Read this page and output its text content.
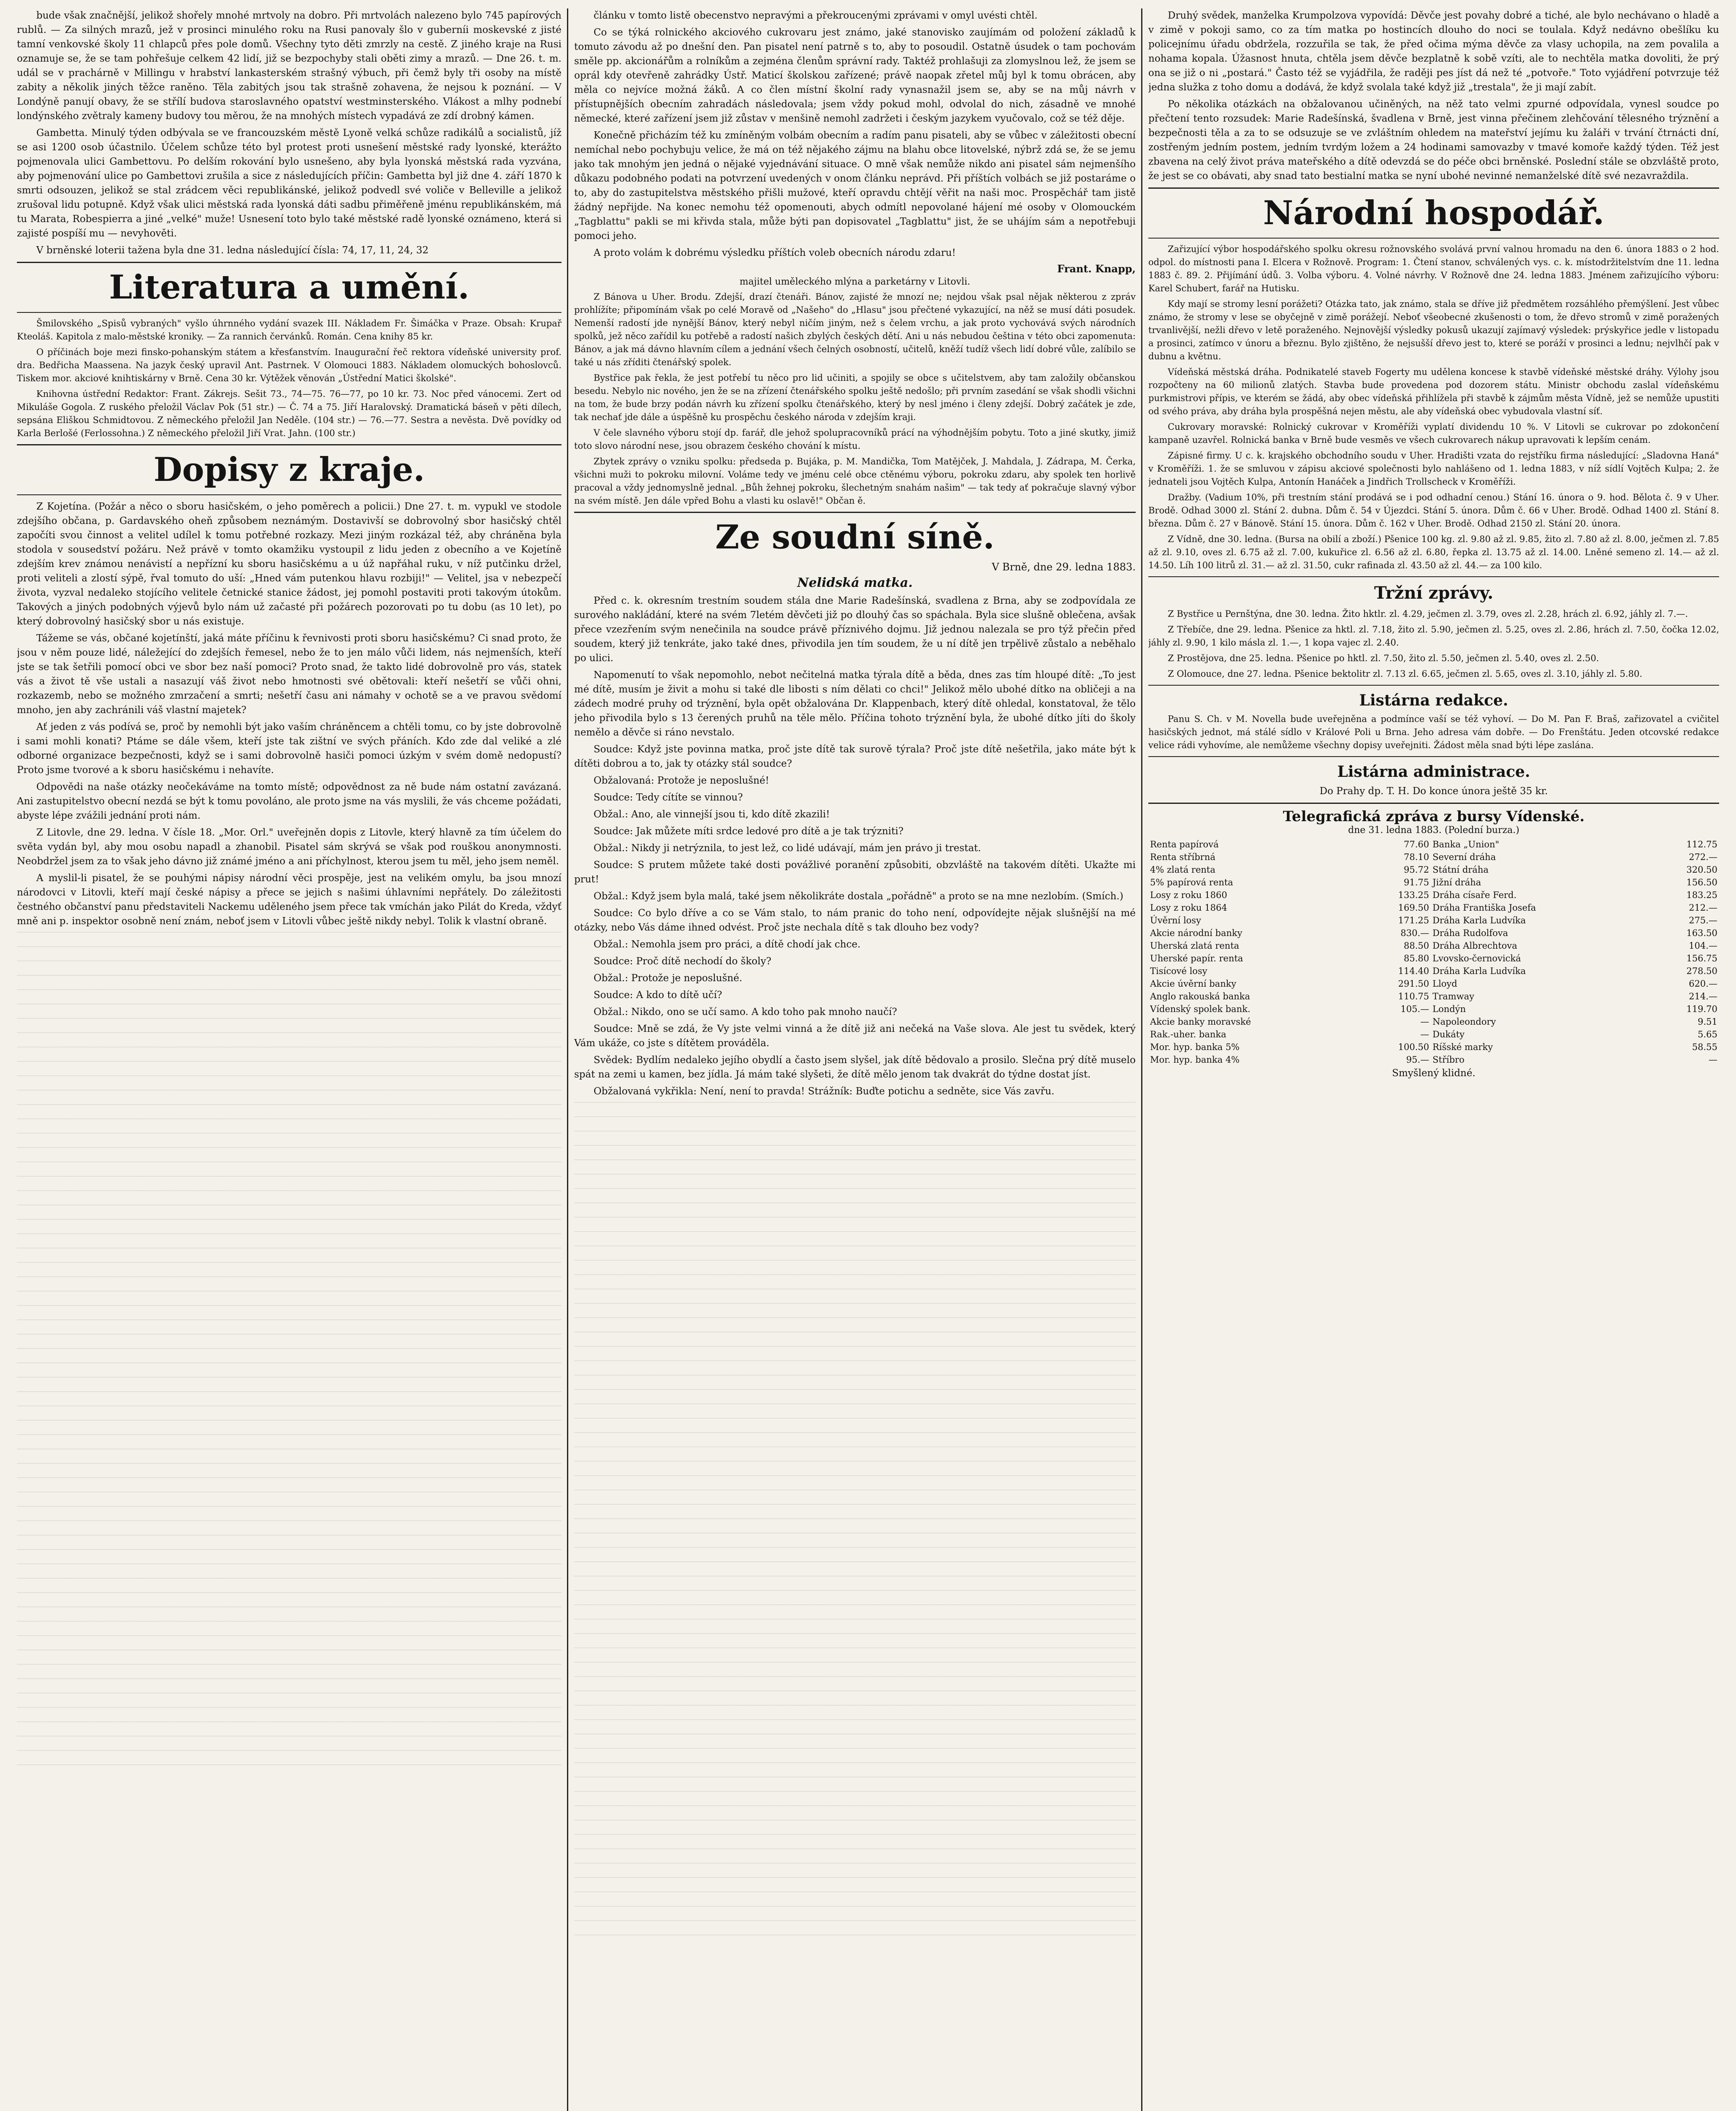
bude však značnější, jelikož shořely mnohé mrtvoly na dobro. Při mrtvolách nalezeno bylo 745 papírových rublů. — Za silných mrazů, jež v prosinci minulého roku na Rusi panovaly šlo v guberníi moskevské z jisté tamní venkovské školy 11 chlapců přes pole domů. Všechny tyto děti zmrzly na cestě. Z jiného kraje na Rusi oznamuje se, že se tam pohřešuje celkem 42 lidí, již se bezpochyby stali oběti zimy a mrazů. — Dne 26. t. m. udál se v prachárně v Millingu v hrabství lankasterském strašný výbuch, při čemž byly tři osoby na místě zabity a několik jiných těžce raněno. Těla zabitých jsou tak strašně zohavena, že nejsou k poznání. — V Londýně panují obavy, že se střílí budova staroslavného opatství westminsterského. Vlákost a mlhy podnebí londýnského zvětraly kameny budovy tou měrou, že na mnohých místech vypadává ze zdí drobný kámen.

Gambetta. Minulý týden odbývala se ve francouzském městě Lyoně velká schůze radikálů a socialistů, jíž se asi 1200 osob účastnilo. Účelem schůze této byl protest proti usnešení městské rady lyonské, kterážto pojmenovala ulici Gambettovu. Po delším rokování bylo usnešeno, aby byla lyonská městská rada vyzvána, aby pojmenování ulice po Gambettovi zrušila a sice z následujících příčin: Gambetta byl již dne 4. září 1870 k smrti odsouzen, jelikož se stal zrádcem věci republikánské, jelikož podvedl své voliče v Belleville a jelikož zrušoval lidu potupně. Když však ulici městská rada lyonská dáti sadbu přiměřeně jménu republikánském, má tu Marata, Robespierra a jiné „velké" muže! Usnesení toto bylo také městské radě lyonské oznámeno, která si zajisté pospíší mu — nevyhověti.

V brněnské loterii tažena byla dne 31. ledna následující čísla: 74, 17, 11, 24, 32

Literatura a umění.

Šmilovského „Spisů vybraných" vyšlo úhrnného vydání svazek III. Nákladem Fr. Šimáčka v Praze. Obsah: Krupař Kteoláš. Kapitola z malo-městské kroniky. — Za rannich červánků. Román. Cena knihy 85 kr.

O příčinách boje mezi finsko-pohanským státem a křesťanstvím. Inaugurační řeč rektora vídeňské university prof. dra. Bedřicha Maassena. Na jazyk český upravil Ant. Pastrnek. V Olomouci 1883. Nákladem olomuckých bohoslovců. Tiskem mor. akciové knihtiskárny v Brně. Cena 30 kr. Výtěžek věnován „Ústřední Matici školské".

Knihovna ústřední Redaktor: Frant. Zákrejs. Sešit 73., 74—75. 76—77, po 10 kr. 73. Noc před vánocemi. Zert od Mikuláše Gogola. Z ruského přeložil Václav Pok (51 str.) — Č. 74 a 75. Jiří Haralovský. Dramatická báseň v pěti dílech, sepsána Eliškou Schmidtovou. Z německého přeložil Jan Neděle. (104 str.) — 76.—77. Sestra a nevěsta. Dvě povídky od Karla Berlošé (Ferlossohna.) Z německého přeložil Jiří Vrat. Jahn. (100 str.)

Dopisy z kraje.

Z Kojetína. (Požár a něco o sboru hasičském, o jeho poměrech a policii.) Dne 27. t. m. vypukl ve stodole zdejšího občana, p. Gardavského oheň způsobem neznámým. Dostavivší se dobrovolný sbor hasičský chtěl započíti svou činnost a velitel udílel k tomu potřebné rozkazy. Mezi jiným rozkázal též, aby chráněna byla stodola v sousedství požáru. Než právě v tomto okamžiku vystoupil z lidu jeden z obecního a ve Kojetíně zdejším krev známou nenávistí a nepřízní ku sboru hasičskému a u úž napřáhal ruku, v níž putčinku držel, proti veliteli a zlostí sýpě, řval tomuto do uší: „Hned vám putenkou hlavu rozbiji!" — Velitel, jsa v nebezpečí života, vyzval nedaleko stojícího velitele četnické stanice žádost, jej pomohl postaviti proti takovým útokům. Takových a jiných podobných výjevů bylo nám už začasté při požárech pozorovati po tu dobu (as 10 let), po který dobrovolný hasičský sbor u nás existuje.

Tážeme se vás, občané kojetínští, jaká máte příčinu k řevnivosti proti sboru hasičskému? Ci snad proto, že jsou v něm pouze lidé, náležející do zdejších řemesel, nebo že to jen málo vůči lidem, nás nejmenších, kteří jste se tak šetřili pomocí obci ve sbor bez naší pomoci? Proto snad, že takto lidé dobrovolně pro vás, statek vás a život tě vše ustali a nasazují váš život nebo hmotnosti své obětovali: kteří nešetří se vůči ohni, rozkazemb, nebo se možného zmrzačení a smrti; nešetří času ani námahy v ochotě se a ve pravou svědomí mnoho, jen aby zachránili váš vlastní majetek?

Ať jeden z vás podívá se, proč by nemohli být jako vaším chráněncem a chtěli tomu, co by jste dobrovolně i sami mohli konati? Ptáme se dále všem, kteří jste tak zištní ve svých přáních. Kdo zde dal veliké a zlé odborné organizace bezpečnosti, když se i sami dobrovolně hasiči pomoci úzkým v svém domě nedopustí? Proto jsme tvorové a k sboru hasičskému i nehavíte.

Odpovědi na naše otázky neočekáváme na tomto místě; odpovědnost za ně bude nám ostatní zavázaná. Ani zastupitelstvo obecní nezdá se být k tomu povoláno, ale proto jsme na vás myslili, že vás chceme požádati, abyste lépe zvážili jednání proti nám.

Z Litovle, dne 29. ledna. V čísle 18. „Mor. Orl." uveřejněn dopis z Litovle, který hlavně za tím účelem do světa vydán byl, aby mou osobu napadl a zhanobil. Pisatel sám skrývá se však pod rouškou anonymnosti. Neobdržel jsem za to však jeho dávno již známé jméno a ani příchylnost, kterou jsem tu měl, jeho jsem neměl.

A myslil-li pisatel, že se pouhými nápisy národní věci prospěje, jest na velikém omylu, ba jsou mnozí národovci v Litovli, kteří mají české nápisy a přece se jejich s našimi úhlavními nepřátely. Do záležitosti čestného občanství panu představiteli Nackemu uděleného jsem přece tak vmíchán jako Pilát do Kreda, vždyť mně ani p. inspektor osobně není znám, neboť jsem v Litovli vůbec ještě nikdy nebyl. Tolik k vlastní obraně.

článku v tomto listě obecenstvo nepravými a překroucenými zprávami v omyl uvésti chtěl.

Co se týká rolnického akciového cukrovaru jest známo, jaké stanovisko zaujímám od položení základů k tomuto závodu až po dnešní den. Pan pisatel není patrně s to, aby to posoudil. Ostatně úsudek o tam pochovám směle pp. akcionářům a rolníkům a zejména členům správní rady. Taktéž prohlašuji za zlomyslnou lež, že jsem se oprál kdy otevřeně zahrádky Ústř. Maticí školskou zařízené; právě naopak zřetel můj byl k tomu obrácen, aby měla co nejvíce možná žáků. A co člen místní školní rady vynasnažil jsem se, aby se na můj návrh v přístupnějších obecním zahradách následovala; jsem vždy pokud mohl, odvolal do nich, zásadně ve mnohé německé, které zařízení jsem již zůstav v menšině nemohl zadržeti i českým jazykem vyučovalo, což se též děje.

Konečně přicházím též ku zmíněným volbám obecním a radím panu pisateli, aby se vůbec v záležitosti obecní nemíchal nebo pochybuju velice, že má on též nějakého zájmu na blahu obce litovelské, nýbrž zdá se, že se jemu jako tak mnohým jen jedná o nějaké vyjednávání situace. O mně však nemůže nikdo ani pisatel sám nejmenšího důkazu podobného podati na potvrzení uvedených v onom článku neprávd. Při příštích volbách se již postaráme o to, aby do zastupitelstva městského přišli mužové, kteří opravdu chtějí věřit na naši moc. Prospěchář tam jistě žádný nepřijde. Na konec nemohu též opomenouti, abych odmítl nepovolané hájení mé osoby v Olomouckém „Tagblattu" pakli se mi křivda stala, může býti pan dopisovatel „Tagblattu" jist, že se uhájím sám a nepotřebuji pomoci jeho.

A proto volám k dobrému výsledku příštích voleb obecních národu zdaru!

Frant. Knapp,
majitel uměleckého mlýna a parketárny v Litovli.

Z Bánova u Uher. Brodu. Zdejší, drazí čtenáři. Bánov, zajisté že mnozí ne; nejdou však psal nějak některou z zpráv prohlížíte; připomínám však po celé Moravě od „Našeho" do „Hlasu" jsou přečtené vykazující, na něž se musí dáti posudek. Nemenší radostí jde nynější Bánov, který nebyl ničím jiným, než s čelem vrchu, a jak proto vychovává svých národních spolků, jež něco zařídil ku potřebě a radostí našich zbylých českých dětí. Ani u nás nebudou čeština v této obci zapomenuta: Bánov, a jak má dávno hlavním cílem a jednání všech čelných osobností, učitelů, kněží tudíž všech lidí dobré vůle, zalíbilo se také u nás zříditi čtenářský spolek.

Bystřice pak řekla, že jest potřebí tu něco pro lid učiniti, a spojily se obce s učitelstvem, aby tam založily občanskou besedu. Nebylo nic nového, jen že se na zřízení čtenářského spolku ještě nedošlo; při prvním zasedání se však shodli všichni na tom, že bude brzy podán návrh ku zřízení spolku čtenářského, který by nesl jméno i členy zdejší. Dobrý začátek je zde, tak nechať jde dále a úspěšně ku prospěchu českého národa v zdejším kraji.

V čele slavného výboru stojí dp. farář, dle jehož spolupracovníků prácí na výhodnějším pobytu. Toto a jiné skutky, jimiž toto slovo národní nese, jsou obrazem českého chování k místu.

Zbytek zprávy o vzniku spolku: předseda p. Bujáka, p. M. Mandička, Tom Matějček, J. Mahdala, J. Zádrapa, M. Čerka, všichni muži to pokroku milovní. Voláme tedy ve jménu celé obce ctěnému výboru, pokroku zdaru, aby spolek ten horlivě pracoval a vždy jednomyslně jednal. „Bůh žehnej pokroku, šlechetným snahám našim" — tak tedy ať pokračuje slavný výbor na svém místě. Jen dále vpřed Bohu a vlasti ku oslavě!" Občan ě.

Ze soudní síně.
V Brně, dne 29. ledna 1883.
Nelidská matka.

Před c. k. okresním trestním soudem stála dne Marie Radešínská, svadlena z Brna, aby se zodpovídala ze surového nakládání, které na svém 7letém děvčeti již po dlouhý čas so spáchala. Byla sice slušně oblečena, avšak přece vzezřením svým nenečinila na soudce právě příznivého dojmu. Již jednou nalezala se pro týž přečin před soudem, který již tenkráte, jako také dnes, přivodila jen tím soudem, že u ní dítě jen trpělivě zůstalo a neběhalo po ulici.

Napomenutí to však nepomohlo, nebot nečitelná matka týrala dítě a běda, dnes zas tím hloupé dítě: „To jest mé dítě, musím je živit a mohu si také dle libosti s ním dělati co chci!" Jelikož mělo ubohé dítko na obličeji a na zádech modré pruhy od trýznění, byla opět obžalována Dr. Klappenbach, který dítě ohledal, konstatoval, že tělo jeho přivodila bylo s 13 čerených pruhů na těle mělo. Příčina tohoto trýznění byla, že ubohé dítko jíti do školy nemělo a děvče si ráno nevstalo.

Soudce: Když jste povinna matka, proč jste dítě tak surově týrala? Proč jste dítě nešetřila, jako máte být k dítěti dobrou a to, jak ty otázky stál soudce?

Obžalovaná: Protože je neposlušné!

Soudce: Tedy cítíte se vinnou?

Obžal.: Ano, ale vinnejší jsou ti, kdo dítě zkazili!

Soudce: Jak můžete míti srdce ledové pro dítě a je tak trýzniti?

Obžal.: Nikdy ji netrýznila, to jest lež, co lidé udávají, mám jen právo ji trestat.

Soudce: S prutem můžete také dosti povážlivé poranění způsobiti, obzvláště na takovém dítěti. Ukažte mi prut!

Obžal.: Když jsem byla malá, také jsem několikráte dostala „pořádně" a proto se na mne nezlobím. (Smích.)

Soudce: Co bylo dříve a co se Vám stalo, to nám pranic do toho není, odpovídejte nějak slušnější na mé otázky, nebo Vás dáme ihned odvést. Proč jste nechala dítě s tak dlouho bez vody?

Obžal.: Nemohla jsem pro práci, a dítě chodí jak chce.

Soudce: Proč dítě nechodí do školy?

Obžal.: Protože je neposlušné.

Soudce: A kdo to dítě učí?

Obžal.: Nikdo, ono se učí samo. A kdo toho pak mnoho naučí?

Soudce: Mně se zdá, že Vy jste velmi vinná a že dítě již ani nečeká na Vaše slova. Ale jest tu svědek, který Vám ukáže, co jste s dítětem prováděla.

Svědek: Bydlím nedaleko jejího obydlí a často jsem slyšel, jak dítě bědovalo a prosilo. Slečna prý dítě muselo spát na zemi u kamen, bez jídla. Já mám také slyšeti, že dítě mělo jenom tak dvakrát do týdne dostat jíst.

Obžalovaná vykřikla: Není, není to pravda! Strážník: Buďte potichu a sedněte, sice Vás zavřu.

Druhý svědek, manželka Krumpolzova vypovídá: Děvče jest povahy dobré a tiché, ale bylo nechávano o hladě a v zimě v pokoji samo, co za tím matka po hostincích dlouho do noci se toulala. Když nedávno obešlíku ku policejnímu úřadu obdržela, rozzuřila se tak, že před očima mýma děvče za vlasy uchopila, na zem povalila a nohama kopala. Úžasnost hnuta, chtěla jsem děvče bezplatně k sobě vzíti, ale to nechtěla matka dovoliti, že prý ona se již o ni „postará." Často též se vyjádřila, že raději pes jíst dá než té „potvoře." Toto vyjádření potvrzuje též jedna služka z toho domu a dodává, že když svolala také když již „trestala", že ji mají zabít.

Po několika otázkách na obžalovanou učiněných, na něž tato velmi zpurné odpovídala, vynesl soudce po přečtení tento rozsudek: Marie Radešínská, švadlena v Brně, jest vinna přečinem zlehčování tělesného trýznění a bezpečnosti těla a za to se odsuzuje se ve zvláštním ohledem na mateřství jejímu ku žaláři v trvání čtrnácti dní, zostřeným jedním postem, jedním tvrdým ložem a 24 hodinami samovazby v tmavé komoře každý týden. Též jest zbavena na celý život práva mateřského a dítě odevzdá se do péče obci brněnské. Poslední stále se obzvláště proto, že jest se co obávati, aby snad tato bestialní matka se nyní ubohé nevinné nemanželské dítě své nezavraždila.

Národní hospodář.

Zařizující výbor hospodářského spolku okresu rožnovského svolává první valnou hromadu na den 6. února 1883 o 2 hod. odpol. do místnosti pana I. Elcera v Rožnově. Program: 1. Čtení stanov, schválených vys. c. k. místodržitelstvím dne 11. ledna 1883 č. 89. 2. Přijímání údů. 3. Volba výboru. 4. Volné návrhy. V Rožnově dne 24. ledna 1883. Jménem zařizujícího výboru: Karel Schubert, farář na Hutisku.

Kdy mají se stromy lesní porážeti? Otázka tato, jak známo, stala se dříve již předmětem rozsáhlého přemýšlení. Jest vůbec známo, že stromy v lese se obyčejně v zimě porážejí. Neboť všeobecné zkušenosti o tom, že dřevo stromů v zimě poražených trvanlivější, nežli dřevo v letě poraženého. Nejnovější výsledky pokusů ukazují zajímavý výsledek: prýskyřice jedle v listopadu a prosinci, zatímco v únoru a březnu. Bylo zjištěno, že nejsušší dřevo jest to, které se poráží v prosinci a lednu; nejvlhčí pak v dubnu a květnu.

Vídeňská městská dráha. Podnikatelé staveb Fogerty mu udělena koncese k stavbě vídeňské městské dráhy. Výlohy jsou rozpočteny na 60 milionů zlatých. Stavba bude provedena pod dozorem státu. Ministr obchodu zaslal vídeňskému purkmistrovi přípis, ve kterém se žádá, aby obec vídeňská přihlížela při stavbě k zájmům města Vídně, jež se nemůže upustiti od svého práva, aby dráha byla prospěšná nejen městu, ale aby vídeňská obec vybudovala vlastní síť.

Cukrovary moravské: Rolnický cukrovar v Kroměříži vyplatí dividendu 10 %. V Litovli se cukrovar po zdokončení kampaně uzavřel. Rolnická banka v Brně bude vesměs ve všech cukrovarech nákup upravovati k lepším cenám.

Zápisné firmy. U c. k. krajského obchodního soudu v Uher. Hradišti vzata do rejstříku firma následující: „Sladovna Haná" v Kroměříži. 1. že se smluvou v zápisu akciové společnosti bylo nahlášeno od 1. ledna 1883, v níž sídlí Vojtěch Kulpa; 2. že jednateli jsou Vojtěch Kulpa, Antonín Hanáček a Jindřich Trollscheck v Kroměříži.

Dražby. (Vadium 10%, při trestním stání prodává se i pod odhadní cenou.) Stání 16. února o 9. hod. Bělota č. 9 v Uher. Brodě. Odhad 3000 zl. Stání 2. dubna. Dům č. 54 v Újezdci. Stání 5. února. Dům č. 66 v Uher. Brodě. Odhad 1400 zl. Stání 8. března. Dům č. 27 v Bánově. Stání 15. února. Dům č. 162 v Uher. Brodě. Odhad 2150 zl. Stání 20. února.

Z Vídně, dne 30. ledna. (Bursa na obilí a zboží.) Pšenice 100 kg. zl. 9.80 až zl. 9.85, žito zl. 7.80 až zl. 8.00, ječmen zl. 7.85 až zl. 9.10, oves zl. 6.75 až zl. 7.00, kukuřice zl. 6.56 až zl. 6.80, řepka zl. 13.75 až zl. 14.00. Lněné semeno zl. 14.— až zl. 14.50. Líh 100 litrů zl. 31.— až zl. 31.50, cukr rafinada zl. 43.50 až zl. 44.— za 100 kilo.

Tržní zprávy.

Z Bystřice u Pernštýna, dne 30. ledna. Žito hktlr. zl. 4.29, ječmen zl. 3.79, oves zl. 2.28, hrách zl. 6.92, jáhly zl. 7.—.

Z Třebíče, dne 29. ledna. Pšenice za hktl. zl. 7.18, žito zl. 5.90, ječmen zl. 5.25, oves zl. 2.86, hrách zl. 7.50, čočka 12.02, jáhly zl. 9.90, 1 kilo másla zl. 1.—, 1 kopa vajec zl. 2.40.

Z Prostějova, dne 25. ledna. Pšenice po hktl. zl. 7.50, žito zl. 5.50, ječmen zl. 5.40, oves zl. 2.50.

Z Olomouce, dne 27. ledna. Pšenice bektolitr zl. 7.13 zl. 6.65, ječmen zl. 5.65, oves zl. 3.10, jáhly zl. 5.80.

Listárna redakce.

Panu S. Ch. v M. Novella bude uveřejněna a podmínce vaší se též vyhoví. — Do M. Pan F. Braš, zařizovatel a cvičitel hasičských jednot, má stálé sídlo v Králové Poli u Brna. Jeho adresa vám dobře. — Do Frenštátu. Jeden otcovské redakce velice rádi vyhovíme, ale nemůžeme všechny dopisy uveřejniti. Žádost měla snad býti lépe zaslána.

Listárna administrace.
Do Prahy dp. T. H. Do konce února ještě 35 kr.
Telegrafická zpráva z bursy Vídenské.
dne 31. ledna 1883. (Polední burza.)
Renta papírová	77.60	Banka „Union"	112.75
Renta stříbrná	78.10	Severní dráha	272.—
4% zlatá renta	95.72	Státní dráha	320.50
5% papírová renta	91.75	Jižní dráha	156.50
Losy z roku 1860	133.25	Dráha císaře Ferd.	183.25
Losy z roku 1864	169.50	Dráha Františka Josefa	212.—
Úvěrní losy	171.25	Dráha Karla Ludvíka	275.—
Akcie národní banky	830.—	Dráha Rudolfova	163.50
Uherská zlatá renta	88.50	Dráha Albrechtova	104.—
Uherské papír. renta	85.80	Lvovsko-černovická	156.75
Tisícové losy	114.40	Dráha Karla Ludvíka	278.50
Akcie úvěrní banky	291.50	Lloyd	620.—
Anglo rakouská banka	110.75	Tramway	214.—
Vídenský spolek bank.	105.—	Londýn	119.70
Akcie banky moravské	—	Napoleondory	9.51
Rak.-uher. banka	—	Dukáty	5.65
Mor. hyp. banka 5%	100.50	Ríšské marky	58.55
Mor. hyp. banka 4%	95.—	Stříbro	—
Smyšlený klidné.
